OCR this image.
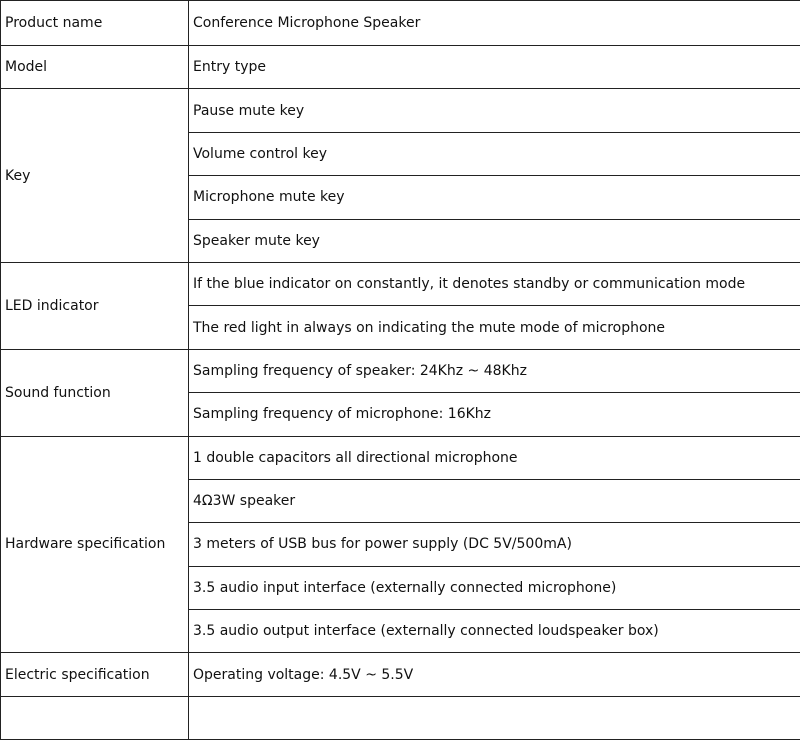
Product name	Conference Microphone Speaker
Model	Entry type
Key	Pause mute key
	Volume control key
	Microphone mute key
	Speaker mute key
LED indicator	If the blue indicator on constantly, it denotes standby or communication mode
	The red light in always on indicating the mute mode of microphone
Sound function	Sampling frequency of speaker: 24Khz ~ 48Khz
	Sampling frequency of microphone: 16Khz
Hardware specification	1 double capacitors all directional microphone
	4Ω3W speaker
	3 meters of USB bus for power supply (DC 5V/500mA)
	3.5 audio input interface (externally connected microphone)
	3.5 audio output interface (externally connected loudspeaker box)
Electric specification	Operating voltage: 4.5V ~ 5.5V
